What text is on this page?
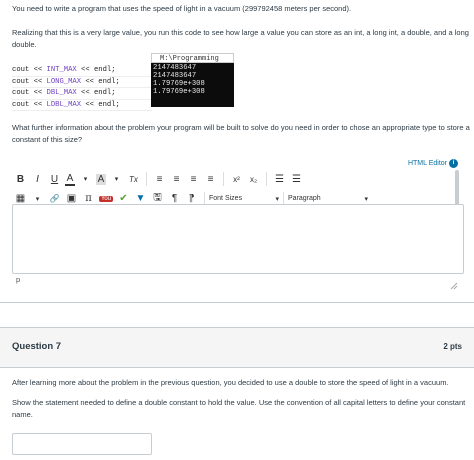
You need to write a program that uses the speed of light in a vacuum (299792458 meters per second).

Realizing that this is a very large value, you run this code to see how large a value you can store as an int, a long int, a double, and a long

double.

cout << INT_MAX << endl;
cout << LONG_MAX << endl;
cout << DBL_MAX << endl;
cout << LDBL_MAX << endl;
M:\Programming
2147483647
2147483647
1.79769e+308
1.79769e+308

What further information about the problem your program will be built to solve do you need in order to chose an appropriate type to store a

constant of this size?

HTML Editor i
B	I	U A	▾	A	▾	Tx	≡	≡	≡	≡	x²	x₂	☰ ☰
▦	▾	🔗 ▣ π	You ✔ ▼ 🖫	¶	¶	Font Sizes	▾ Paragraph	▾
p
Question 7	2 pts

After learning more about the problem in the previous question, you decided to use a double to store the speed of light in a vacuum.

Show the statement needed to define a double constant to hold the value. Use the convention of all capital letters to define your constant

name.
